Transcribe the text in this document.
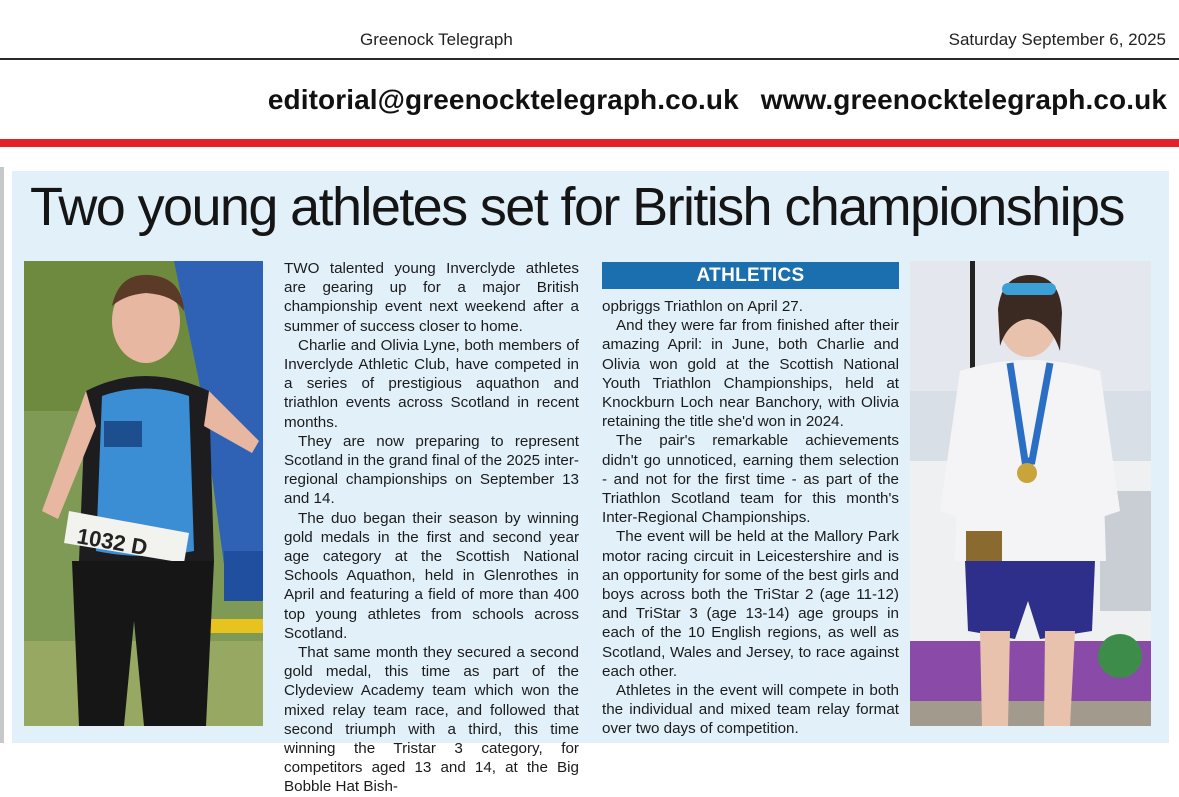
Greenock Telegraph	Saturday September 6, 2025
editorial@greenocktelegraph.co.uk www.greenocktelegraph.co.uk
Two young athletes set for British championships
1032 D

TWO talented young Inverclyde athletes are gearing up for a major British championship event next weekend after a summer of success closer to home.

Charlie and Olivia Lyne, both members of Inverclyde Athletic Club, have competed in a series of prestigious aquathon and triathlon events across Scotland in recent months.

They are now preparing to represent Scotland in the grand final of the 2025 inter-regional championships on September 13 and 14.

The duo began their season by winning gold medals in the first and second year age category at the Scottish National Schools Aquathon, held in Glenrothes in April and featuring a field of more than 400 top young athletes from schools across Scotland.

That same month they secured a second gold medal, this time as part of the Clydeview Academy team which won the mixed relay team race, and followed that second triumph with a third, this time winning the Tristar 3 category, for competitors aged 13 and 14, at the Big Bobble Hat Bish-

ATHLETICS

opbriggs Triathlon on April 27.

And they were far from finished after their amazing April: in June, both Charlie and Olivia won gold at the Scottish National Youth Triathlon Championships, held at Knockburn Loch near Banchory, with Olivia retaining the title she'd won in 2024.

The pair's remarkable achievements didn't go unnoticed, earning them selection - and not for the first time - as part of the Triathlon Scotland team for this month's Inter-Regional Championships.

The event will be held at the Mallory Park motor racing circuit in Leicestershire and is an opportunity for some of the best girls and boys across both the TriStar 2 (age 11-12) and TriStar 3 (age 13-14) age groups in each of the 10 English regions, as well as Scotland, Wales and Jersey, to race against each other.

Athletes in the event will compete in both the individual and mixed team relay format over two days of competition.
